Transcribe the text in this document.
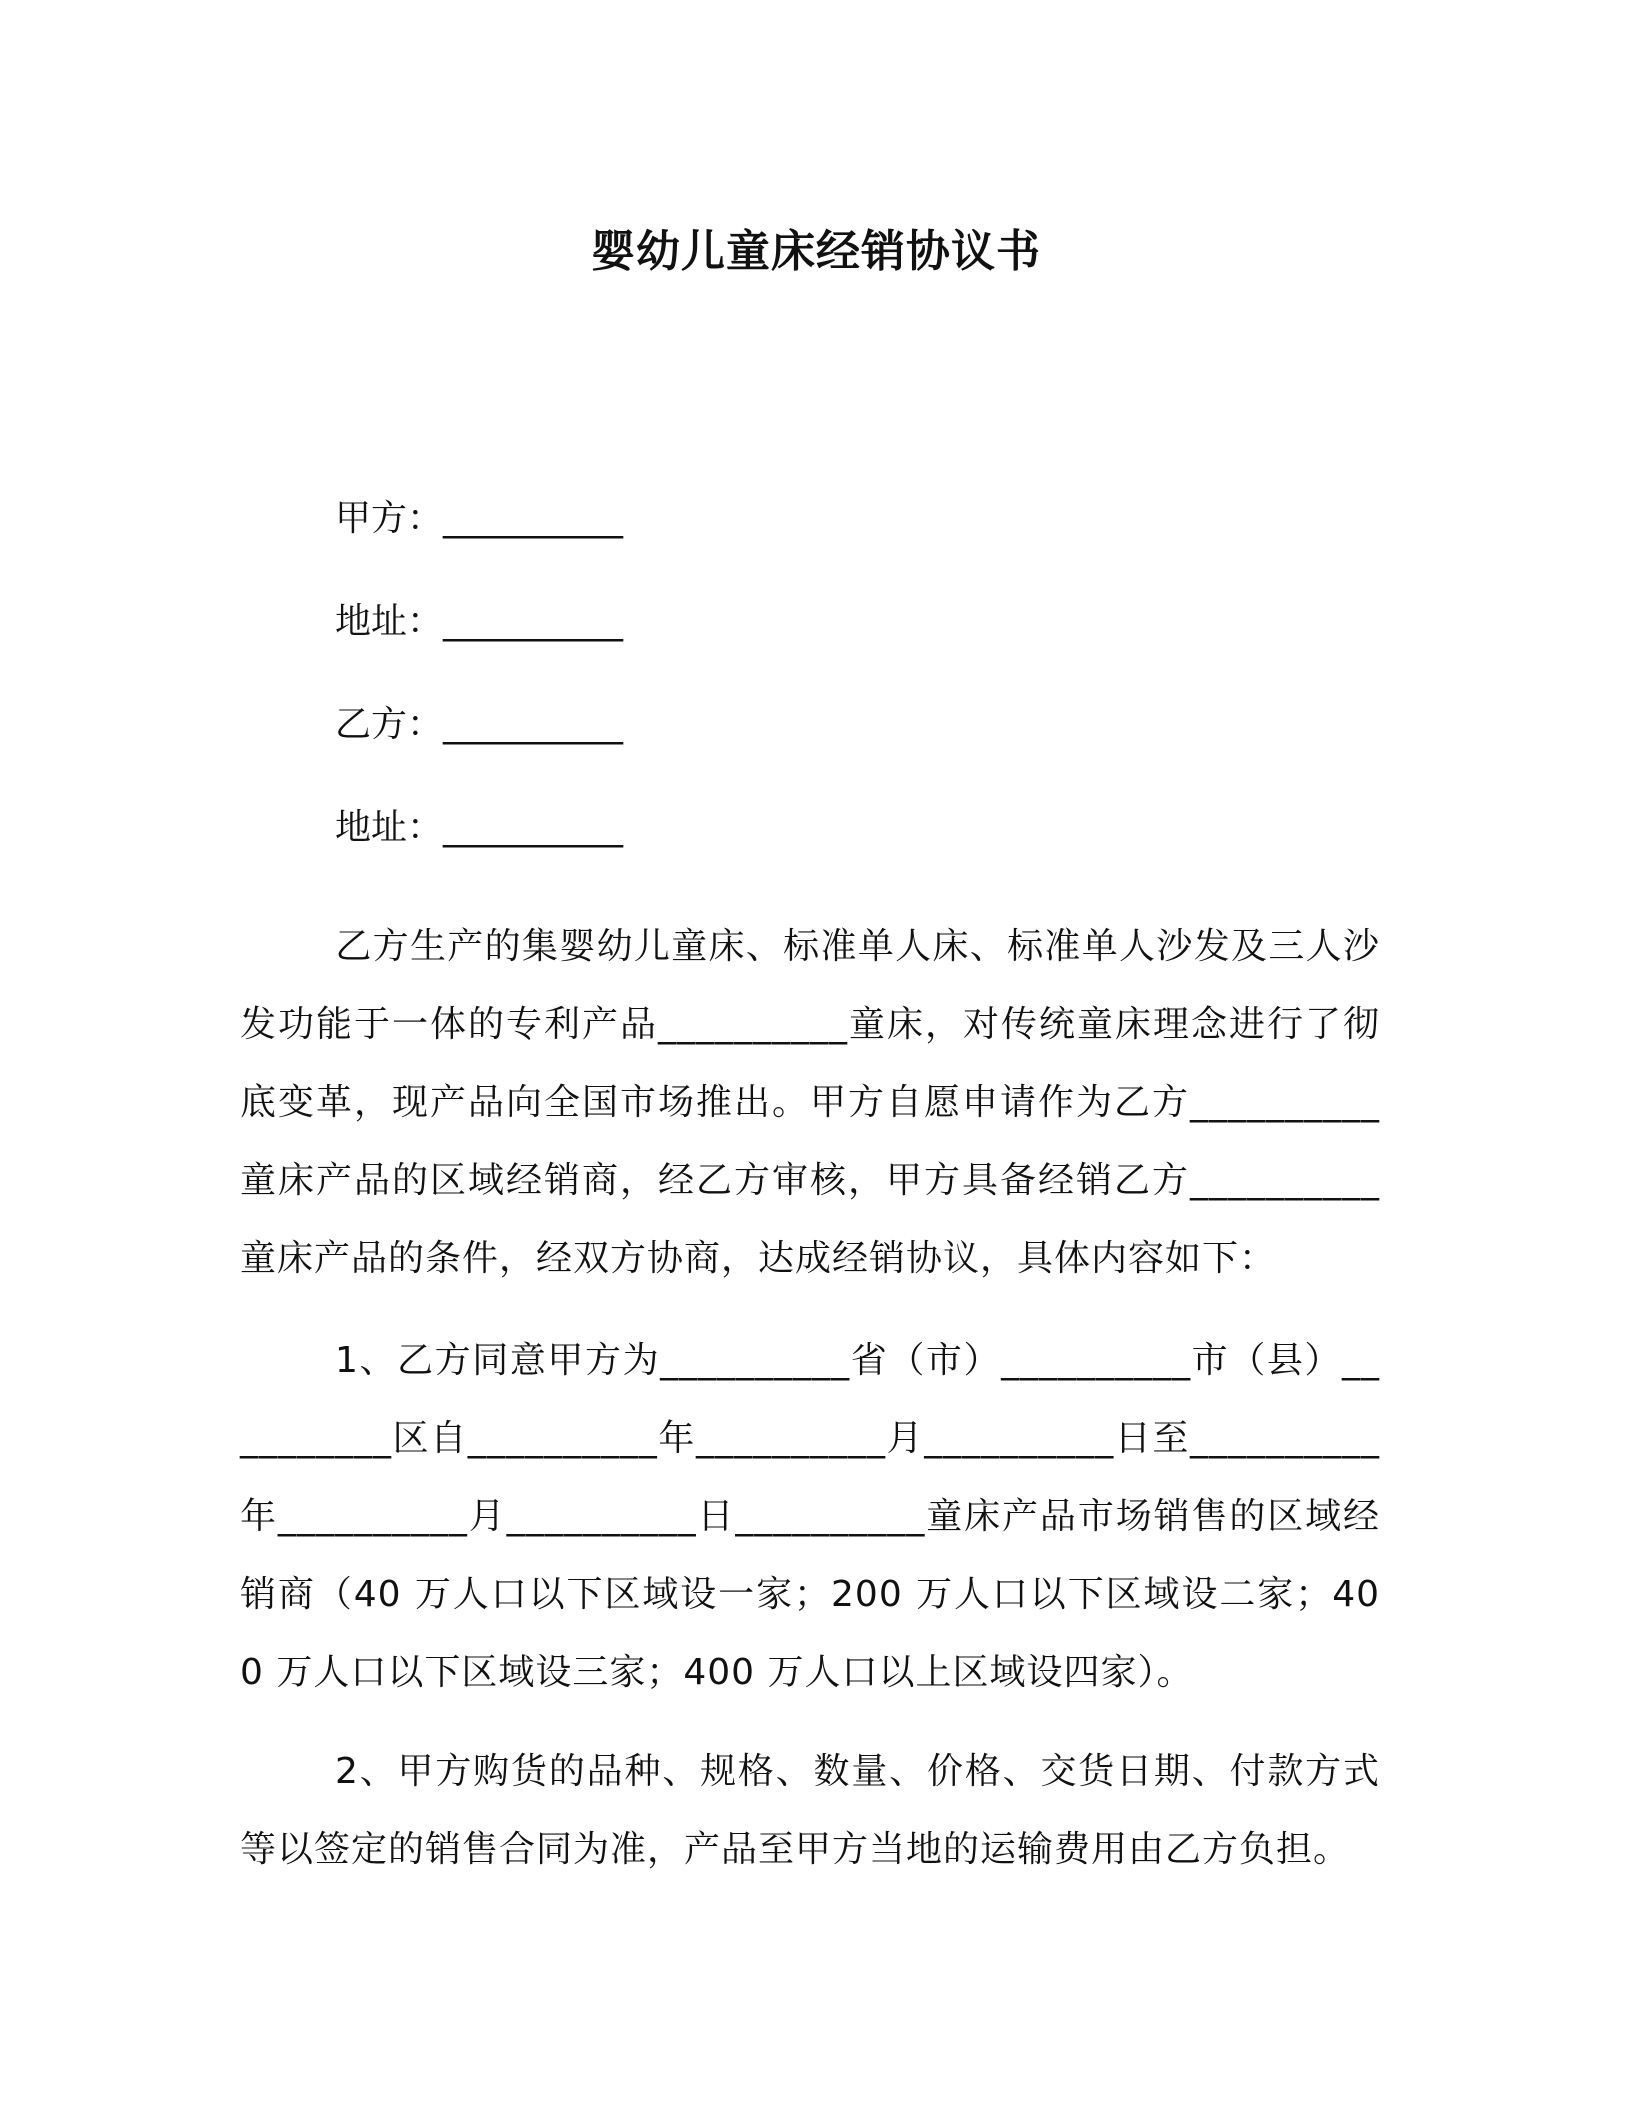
婴幼儿童床经销协议书
甲方：__________
地址：__________
乙方：__________
地址：__________
乙方生产的集婴幼儿童床、标准单人床、标准单人沙发及三人沙发功能于一体的专利产品__________童床，对传统童床理念进行了彻底变革，现产品向全国市场推出。甲方自愿申请作为乙方__________童床产品的区域经销商，经乙方审核，甲方具备经销乙方__________童床产品的条件，经双方协商，达成经销协议，具体内容如下：
1、乙方同意甲方为__________省（市）__________市（县）__________区自__________年__________月__________日至__________年__________月__________日__________童床产品市场销售的区域经销商（40 万人口以下区域设一家；200 万人口以下区域设二家；400 万人口以下区域设三家；400 万人口以上区域设四家）。
2、甲方购货的品种、规格、数量、价格、交货日期、付款方式等以签定的销售合同为准，产品至甲方当地的运输费用由乙方负担。
